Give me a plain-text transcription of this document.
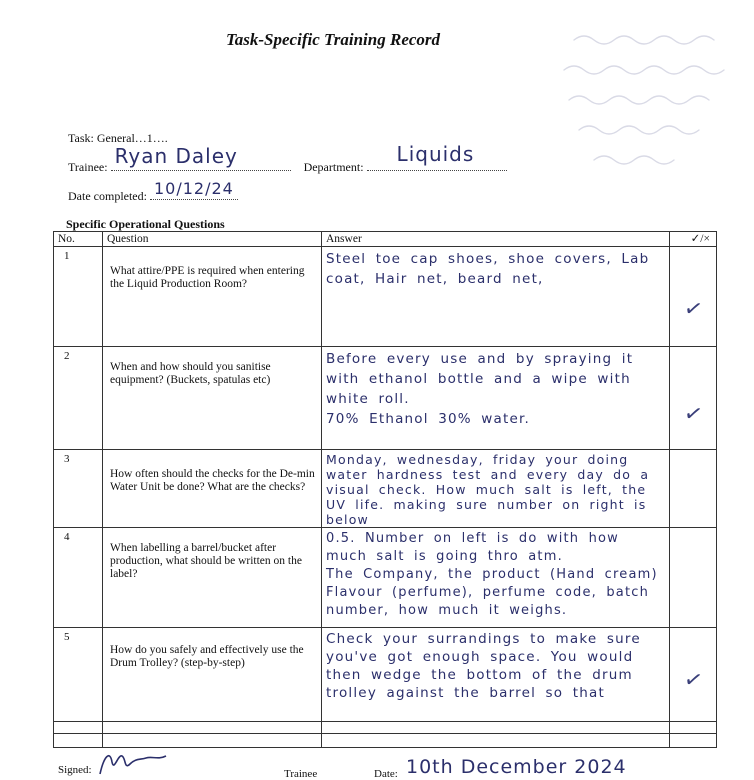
Task-Specific Training Record
Task: General…1….
Trainee: Ryan Daley	Department:
Liquids
Date completed: 10/12/24
Specific Operational Questions
No.	Question	Answer	✓/×
1	What attire/PPE is required when entering the Liquid Production Room?	Steel toe cap shoes, shoe covers, Lab coat, Hair net, beard net,	✓

2	When and how should you sanitise equipment? (Buckets, spatulas etc)	Before every use and by spraying it with ethanol bottle and a wipe with white roll.
70% Ethanol 30% water.	✓

3	How often should the checks for the De-min Water Unit be done? What are the checks?	Monday, wednesday, friday your doing water hardness test and every day do a visual check. How much salt is left, the UV life. making sure number on right is below	

4	When labelling a barrel/bucket after production, what should be written on the label?	0.5. Number on left is do with how much salt is going thro atm.
The Company, the product (Hand cream) Flavour (perfume), perfume code, batch number, how much it weighs.	

5	How do you safely and effectively use the Drum Trolley? (step-by-step)	Check your surrandings to make sure you've got enough space. You would then wedge the bottom of the drum trolley against the barrel so that	✓

Signed:	Trainee	Date: 10th December 2024
